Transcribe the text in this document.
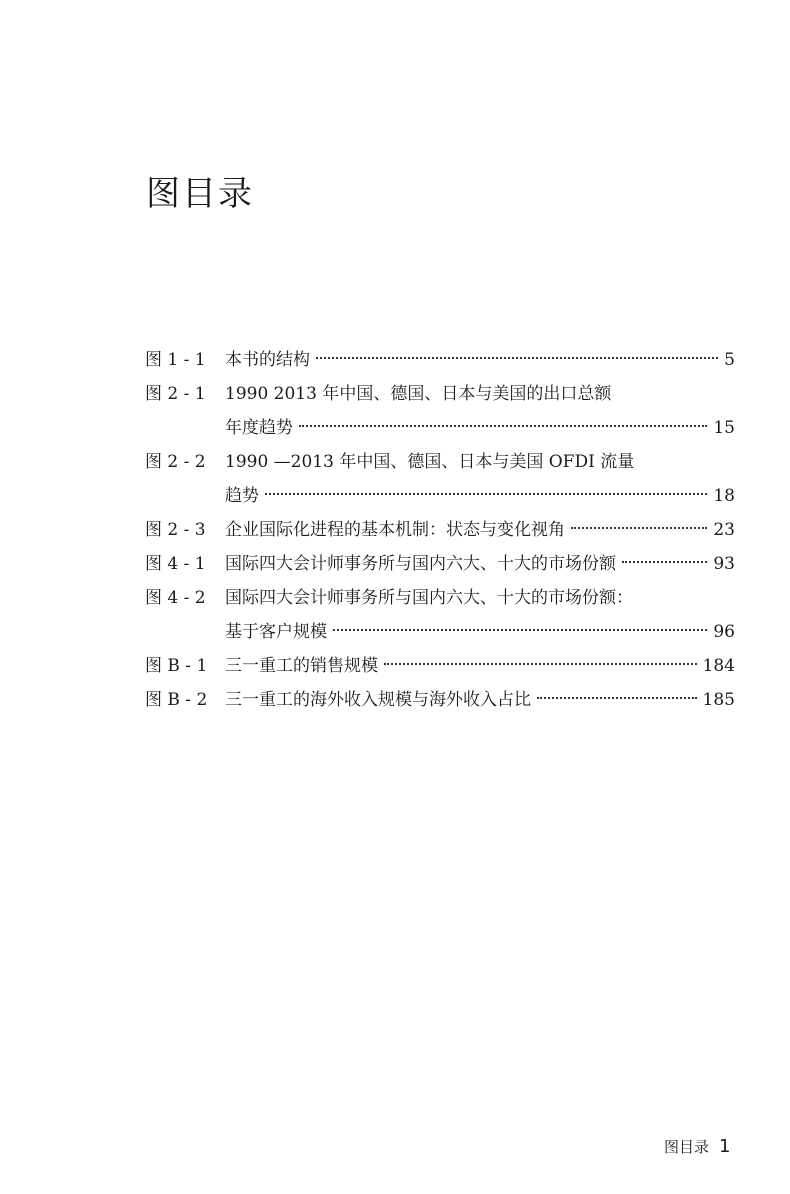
图目录
图 1 - 1 本书的结构	5
图 2 - 1 1990 2013 年中国、德国、日本与美国的出口总额
年度趋势	15
图 2 - 2 1990 —2013 年中国、德国、日本与美国 OFDI 流量
趋势	18
图 2 - 3 企业国际化进程的基本机制：状态与变化视角	23
图 4 - 1 国际四大会计师事务所与国内六大、十大的市场份额	93
图 4 - 2 国际四大会计师事务所与国内六大、十大的市场份额：
基于客户规模	96
图 B - 1 三一重工的销售规模	184
图 B - 2 三一重工的海外收入规模与海外收入占比	185
图目录 1
